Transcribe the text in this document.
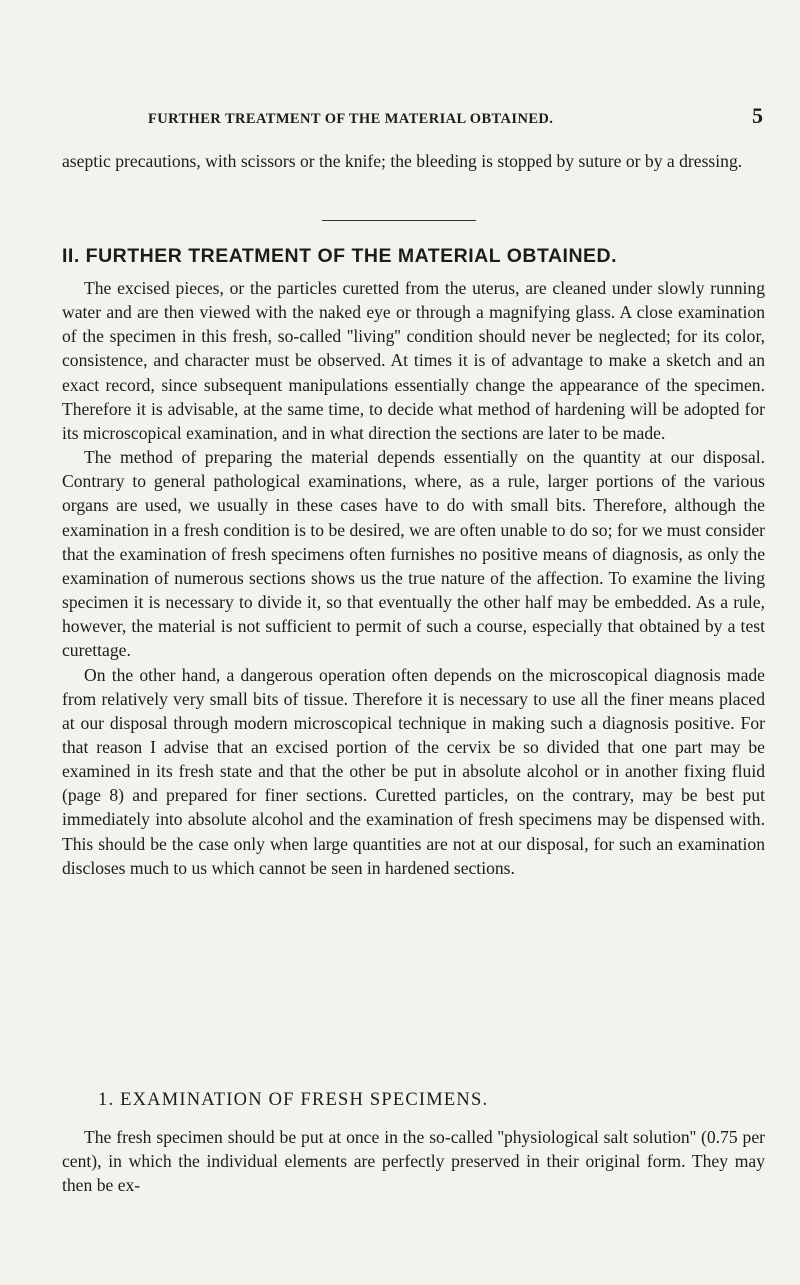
FURTHER TREATMENT OF THE MATERIAL OBTAINED.	5

aseptic precautions, with scissors or the knife; the bleeding is stopped by suture or by a dressing.

II. FURTHER TREATMENT OF THE MATERIAL OBTAINED.

The excised pieces, or the particles curetted from the uterus, are cleaned under slowly running water and are then viewed with the naked eye or through a magnifying glass. A close examination of the specimen in this fresh, so-called ''living'' condition should never be neglected; for its color, consistence, and character must be observed. At times it is of advantage to make a sketch and an exact record, since subsequent manipulations essentially change the appearance of the specimen. Therefore it is advisable, at the same time, to decide what method of hardening will be adopted for its microscopical examination, and in what direction the sections are later to be made.

The method of preparing the material depends essentially on the quantity at our disposal. Contrary to general pathological examinations, where, as a rule, larger portions of the various organs are used, we usually in these cases have to do with small bits. Therefore, although the examination in a fresh condition is to be desired, we are often unable to do so; for we must consider that the examination of fresh specimens often furnishes no positive means of diagnosis, as only the examination of numerous sections shows us the true nature of the affection. To examine the living specimen it is necessary to divide it, so that eventually the other half may be embedded. As a rule, however, the material is not sufficient to permit of such a course, especially that obtained by a test curettage.

On the other hand, a dangerous operation often depends on the microscopical diagnosis made from relatively very small bits of tissue. Therefore it is necessary to use all the finer means placed at our disposal through modern microscopical technique in making such a diagnosis positive. For that reason I advise that an excised portion of the cervix be so divided that one part may be examined in its fresh state and that the other be put in absolute alcohol or in another fixing fluid (page 8) and prepared for finer sections. Curetted particles, on the contrary, may be best put immediately into absolute alcohol and the examination of fresh specimens may be dispensed with. This should be the case only when large quantities are not at our disposal, for such an examination discloses much to us which cannot be seen in hardened sections.

1. EXAMINATION OF FRESH SPECIMENS.

The fresh specimen should be put at once in the so-called ''physiological salt solution'' (0.75 per cent), in which the individual elements are perfectly preserved in their original form. They may then be ex-
